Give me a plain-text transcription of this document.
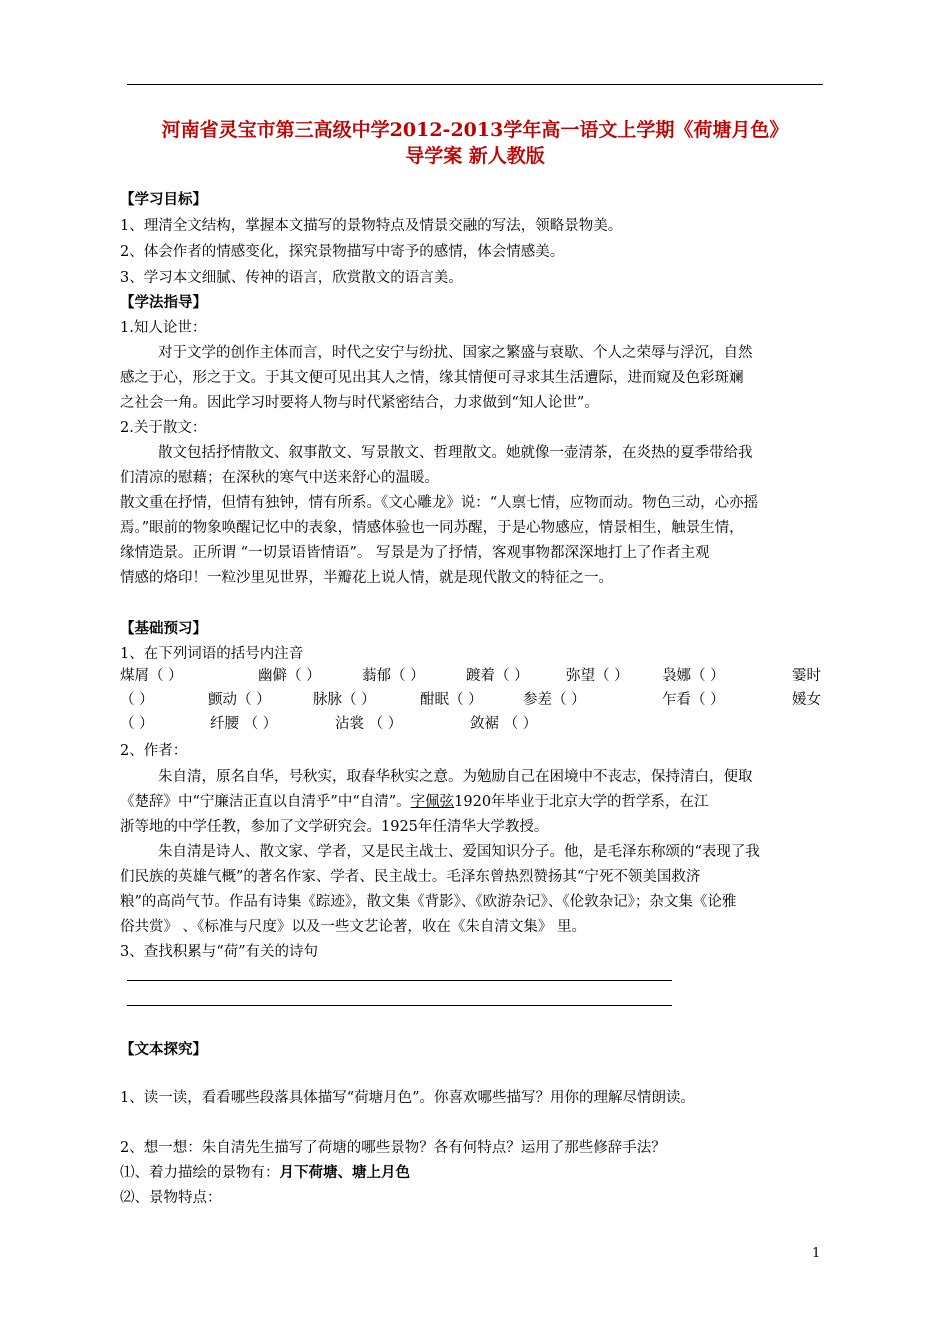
河南省灵宝市第三高级中学2012-2013学年高一语文上学期《荷塘月色》
导学案 新人教版
【学习目标】
1、理清全文结构，掌握本文描写的景物特点及情景交融的写法，领略景物美。
2、体会作者的情感变化，探究景物描写中寄予的感情，体会情感美。
3、学习本文细腻、传神的语言，欣赏散文的语言美。
【学法指导】
1.知人论世：
对于文学的创作主体而言，时代之安宁与纷扰、国家之繁盛与衰歇、个人之荣辱与浮沉，自然
感之于心，形之于文。于其文便可见出其人之情，缘其情便可寻求其生活遭际，进而窥及色彩斑斓
之社会一角。因此学习时要将人物与时代紧密结合，力求做到“知人论世”。
2.关于散文：
散文包括抒情散文、叙事散文、写景散文、哲理散文。她就像一壶清茶，在炎热的夏季带给我
们清凉的慰藉；在深秋的寒气中送来舒心的温暖。
散文重在抒情，但情有独钟，情有所系。《文心雕龙》说：“人禀七情，应物而动。物色三动，心亦摇
焉。”眼前的物象唤醒记忆中的表象，情感体验也一同苏醒，于是心物感应，情景相生，触景生情，
缘情造景。正所谓 “一切景语皆情语”。 写景是为了抒情，客观事物都深深地打上了作者主观
情感的烙印！一粒沙里见世界，半瓣花上说人情，就是现代散文的特征之一。
【基础预习】
1、在下列词语的括号内注音
煤屑（ ）	幽僻（ ）	蓊郁（ ）	踱着（ ）	弥望（ ） 袅娜（ ）	霎时
（ ）	颤动（ ）	脉脉（ ）	酣眠（ ）	参差（ ）	乍看（ ）	媛女
（ ）	纤腰 （ ）	沾裳 （ ）	敛裾 （ ）
2、作者：
朱自清，原名自华，号秋实，取春华秋实之意。为勉励自己在困境中不丧志，保持清白，便取
《楚辞》中“宁廉洁正直以自清乎”中“自清”。字佩弦1920年毕业于北京大学的哲学系，在江
浙等地的中学任教，参加了文学研究会。1925年任清华大学教授。
朱自清是诗人、散文家、学者，又是民主战士、爱国知识分子。他，是毛泽东称颂的“表现了我
们民族的英雄气概”的著名作家、学者、民主战士。毛泽东曾热烈赞扬其“宁死不领美国救济
粮”的高尚气节。作品有诗集《踪迹》，散文集《背影》、《欧游杂记》、《伦敦杂记》；杂文集《论雅
俗共赏》 、《标准与尺度》以及一些文艺论著，收在《朱自清文集》 里。
3、查找积累与“荷”有关的诗句
【文本探究】
1、读一读，看看哪些段落具体描写“荷塘月色”。你喜欢哪些描写？用你的理解尽情朗读。
2、想一想：朱自清先生描写了荷塘的哪些景物？各有何特点？运用了那些修辞手法？
⑴、着力描绘的景物有：月下荷塘、塘上月色
⑵、景物特点：
1
